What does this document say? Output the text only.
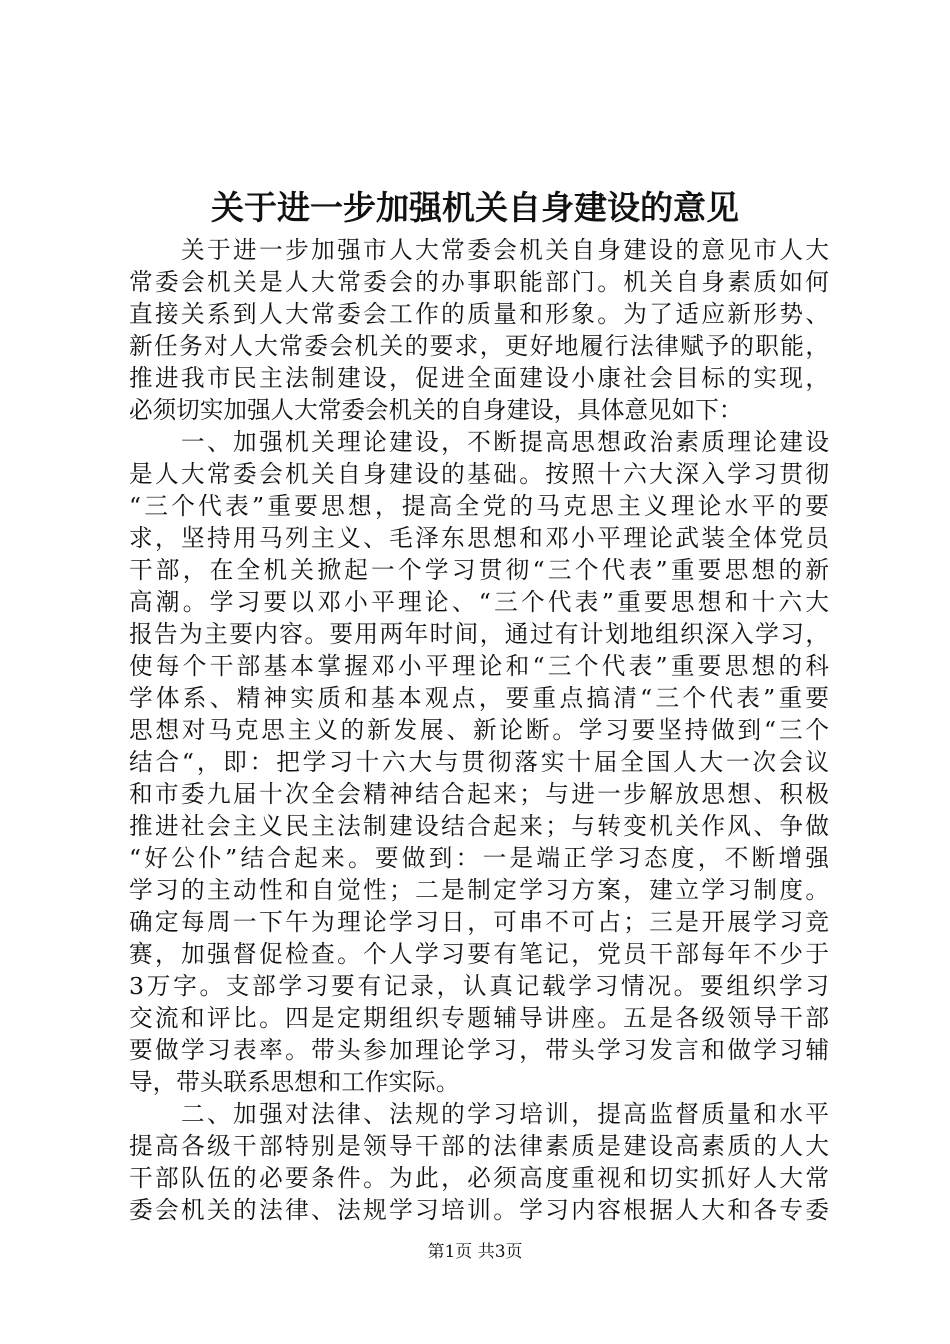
关于进一步加强机关自身建设的意见
　　关于进一步加强市人大常委会机关自身建设的意见市人大
常委会机关是人大常委会的办事职能部门。机关自身素质如何
直接关系到人大常委会工作的质量和形象。为了适应新形势、
新任务对人大常委会机关的要求，更好地履行法律赋予的职能，
推进我市民主法制建设，促进全面建设小康社会目标的实现，
必须切实加强人大常委会机关的自身建设，具体意见如下：
　　一、加强机关理论建设，不断提高思想政治素质理论建设
是人大常委会机关自身建设的基础。按照十六大深入学习贯彻
“三个代表”重要思想，提高全党的马克思主义理论水平的要
求，坚持用马列主义、毛泽东思想和邓小平理论武装全体党员
干部，在全机关掀起一个学习贯彻“三个代表”重要思想的新
高潮。学习要以邓小平理论、“三个代表”重要思想和十六大
报告为主要内容。要用两年时间，通过有计划地组织深入学习，
使每个干部基本掌握邓小平理论和“三个代表”重要思想的科
学体系、精神实质和基本观点，要重点搞清“三个代表”重要
思想对马克思主义的新发展、新论断。学习要坚持做到“三个
结合“，即：把学习十六大与贯彻落实十届全国人大一次会议
和市委九届十次全会精神结合起来；与进一步解放思想、积极
推进社会主义民主法制建设结合起来；与转变机关作风、争做
“好公仆”结合起来。要做到：一是端正学习态度，不断增强
学习的主动性和自觉性；二是制定学习方案，建立学习制度。
确定每周一下午为理论学习日，可串不可占；三是开展学习竞
赛，加强督促检查。个人学习要有笔记，党员干部每年不少于
3万字。支部学习要有记录，认真记载学习情况。要组织学习
交流和评比。四是定期组织专题辅导讲座。五是各级领导干部
要做学习表率。带头参加理论学习，带头学习发言和做学习辅
导，带头联系思想和工作实际。
　　二、加强对法律、法规的学习培训，提高监督质量和水平
提高各级干部特别是领导干部的法律素质是建设高素质的人大
干部队伍的必要条件。为此，必须高度重视和切实抓好人大常
委会机关的法律、法规学习培训。学习内容根据人大和各专委
第1页 共3页
